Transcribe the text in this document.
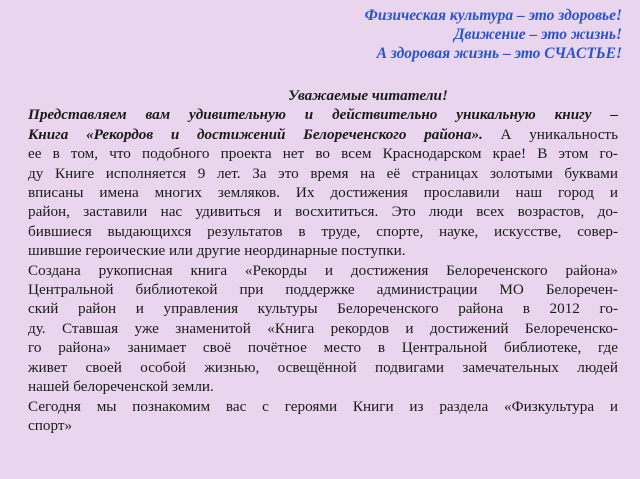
Физическая культура – это здоровье!
Движение – это жизнь!
А здоровая жизнь – это СЧАСТЬЕ!
Уважаемые читатели!
Представляем вам удивительную и действительно уникальную книгу –
Книга «Рекордов и достижений Белореченского района». А уникальность
ее в том, что подобного проекта нет во всем Краснодарском крае! В этом го-
ду Книге исполняется 9 лет. За это время на её страницах золотыми буквами
вписаны имена многих земляков. Их достижения прославили наш город и
район, заставили нас удивиться и восхититься. Это люди всех возрастов, до-
бившиеся выдающихся результатов в труде, спорте, науке, искусстве, совер-
шившие героические или другие неординарные поступки.
Создана рукописная книга «Рекорды и достижения Белореченского района»
Центральной библиотекой при поддержке администрации МО Белоречен-
ский район и управления культуры Белореченского района в 2012 го-
ду. Ставшая уже знаменитой «Книга рекордов и достижений Белореченско-
го района» занимает своё почётное место в Центральной библиотеке, где
живет своей особой жизнью, освещённой подвигами замечательных людей
нашей белореченской земли.
Сегодня мы познакомим вас с героями Книги из раздела «Физкультура и
спорт»
